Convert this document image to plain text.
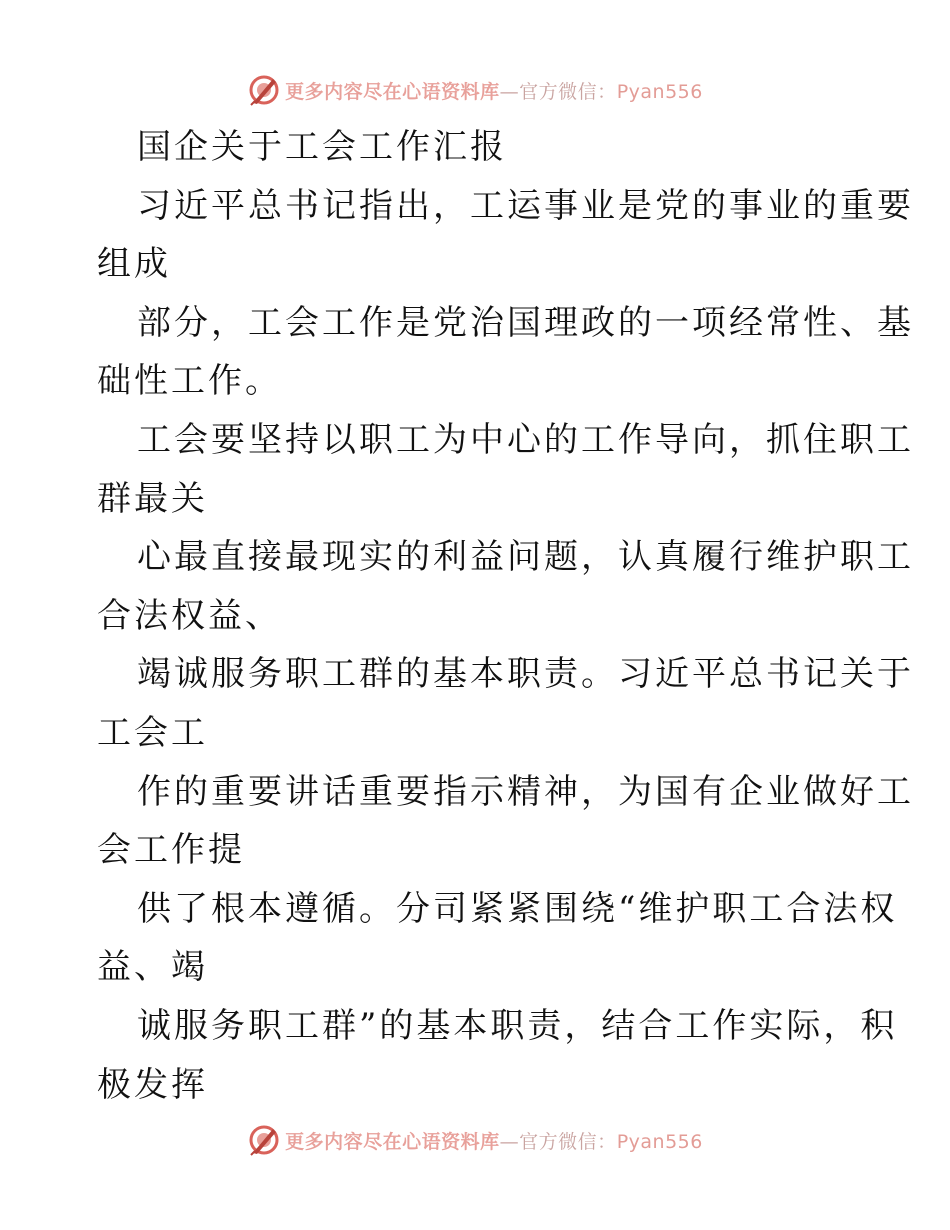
更多内容尽在心语资料库—官方微信：Pyan556
国企关于工会工作汇报
习近平总书记指出，工运事业是党的事业的重要
组成
部分，工会工作是党治国理政的一项经常性、基
础性工作。
工会要坚持以职工为中心的工作导向，抓住职工
群最关
心最直接最现实的利益问题，认真履行维护职工
合法权益、
竭诚服务职工群的基本职责。习近平总书记关于
工会工
作的重要讲话重要指示精神，为国有企业做好工
会工作提
供了根本遵循。分司紧紧围绕“维护职工合法权
益、竭
诚服务职工群”的基本职责，结合工作实际，积
极发挥
更多内容尽在心语资料库—官方微信：Pyan556
